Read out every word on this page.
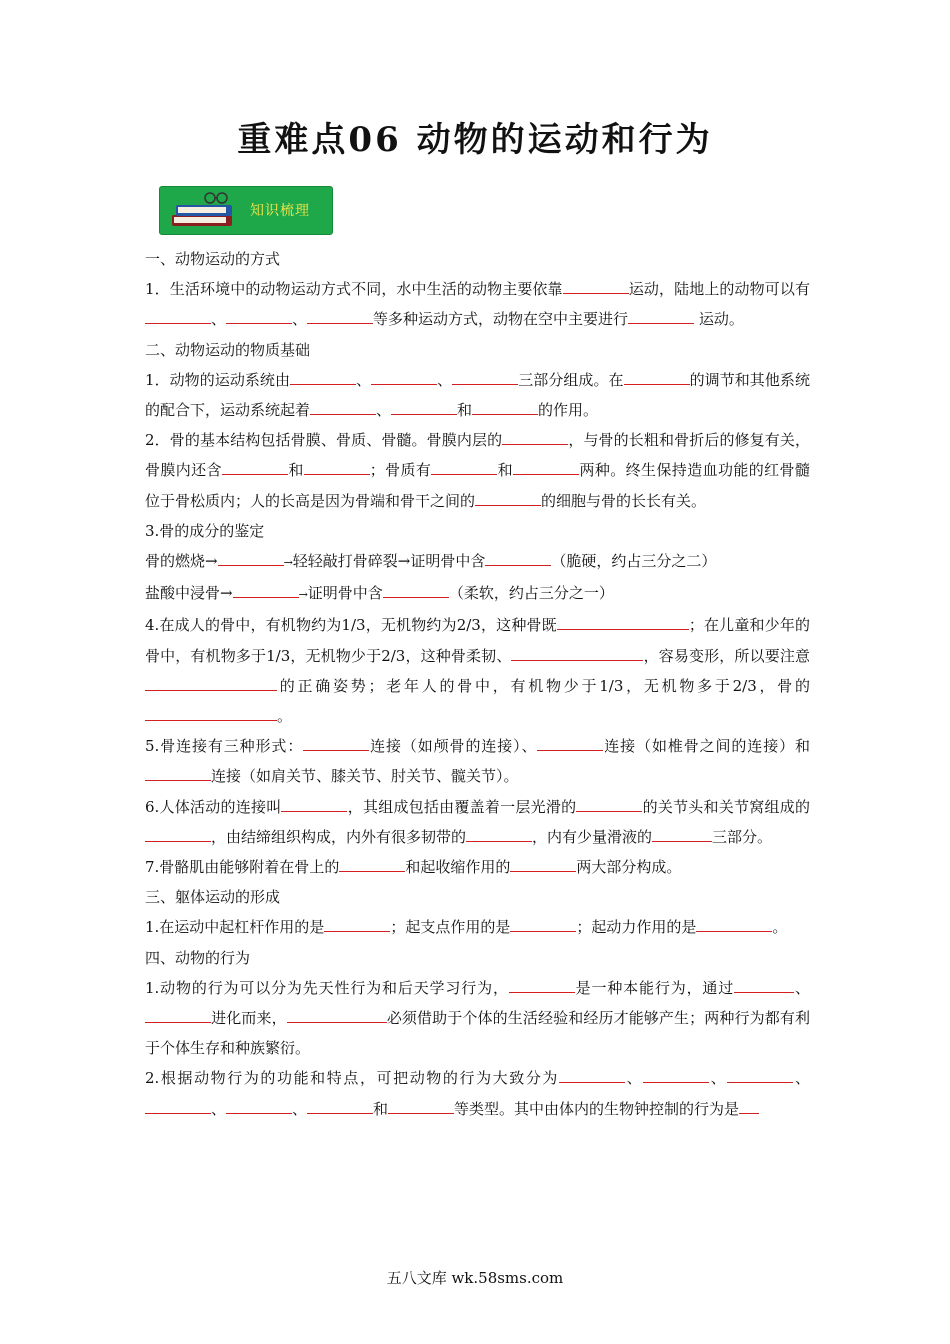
重难点06 动物的运动和行为
知识梳理

一、动物运动的方式

1．生活环境中的动物运动方式不同，水中生活的动物主要依靠	运动，陆地上的动物可以有、	、	等多种运动方式，动物在空中主要进行	运动。

二、动物运动的物质基础

1．动物的运动系统由	、	、	三部分组成。在	的调节和其他系统的配合下，运动系统起着	、	和	的作用。

2．骨的基本结构包括骨膜、骨质、骨髓。骨膜内层的	，与骨的长粗和骨折后的修复有关，骨膜内还含	和	；骨质有	和	两种。终生保持造血功能的红骨髓位于骨松质内；人的长高是因为骨端和骨干之间的	的细胞与骨的长长有关。

3.骨的成分的鉴定

骨的燃烧→	→轻轻敲打骨碎裂→证明骨中含	（脆硬，约占三分之二）

盐酸中浸骨→	→证明骨中含	（柔软，约占三分之一）

4.在成人的骨中，有机物约为1/3，无机物约为2/3，这种骨既	；在儿童和少年的骨中，有机物多于1/3，无机物少于2/3，这种骨柔韧、	，容易变形，所以要注意的正确姿势；老年人的骨中，有机物少于1/3，无机物多于2/3，骨的。

5.骨连接有三种形式：	连接（如颅骨的连接）、	连接（如椎骨之间的连接）和连接（如肩关节、膝关节、肘关节、髋关节）。

6.人体活动的连接叫	，其组成包括由覆盖着一层光滑的	的关节头和关节窝组成的，由结缔组织构成，内外有很多韧带的	，内有少量滑液的	三部分。

7.骨骼肌由能够附着在骨上的	和起收缩作用的	两大部分构成。

三、躯体运动的形成

1.在运动中起杠杆作用的是	；起支点作用的是	；起动力作用的是	。

四、动物的行为

1.动物的行为可以分为先天性行为和后天学习行为，	是一种本能行为，通过	、进化而来，	必须借助于个体的生活经验和经历才能够产生；两种行为都有利于个体生存和种族繁衍。

2.根据动物行为的功能和特点，可把动物的行为大致分为	、	、	、、	、	和	等类型。其中由体内的生物钟控制的行为是

五八文库 wk.58sms.com
